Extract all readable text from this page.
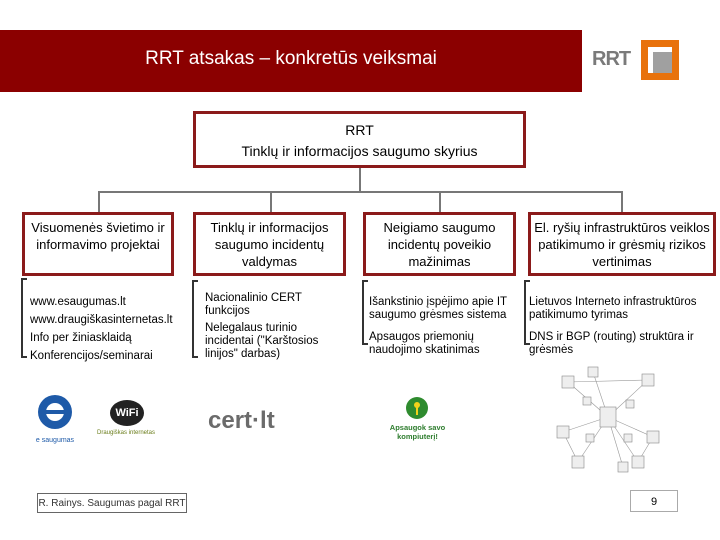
RRT atsakas – konkretūs veiksmai	RRT
RRT
Tinklų ir informacijos saugumo skyrius
Visuomenės švietimo ir informavimo projektai
Tinklų ir informacijos saugumo incidentų valdymas
Neigiamo saugumo incidentų poveikio mažinimas
El. ryšių infrastruktūros veiklos patikimumo ir grėsmių rizikos vertinimas
www.esaugumas.lt
www.draugiškasinternetas.lt
Info per žiniasklaidą
Konferencijos/seminarai
Nacionalinio CERT funkcijos
Nelegalaus turinio incidentai ("Karštosios linijos" darbas)
Išankstinio įspėjimo apie IT saugumo grėsmes sistema
Apsaugos priemonių naudojimo skatinimas
Lietuvos Interneto infrastruktūros patikimumo tyrimas
DNS ir BGP (routing) struktūra ir grėsmės
e saugumas
WiFi
Draugiškas internetas	cert·lt	Apsaugok savo kompiuterį!
R. Rainys. Saugumas pagal RRT	9
